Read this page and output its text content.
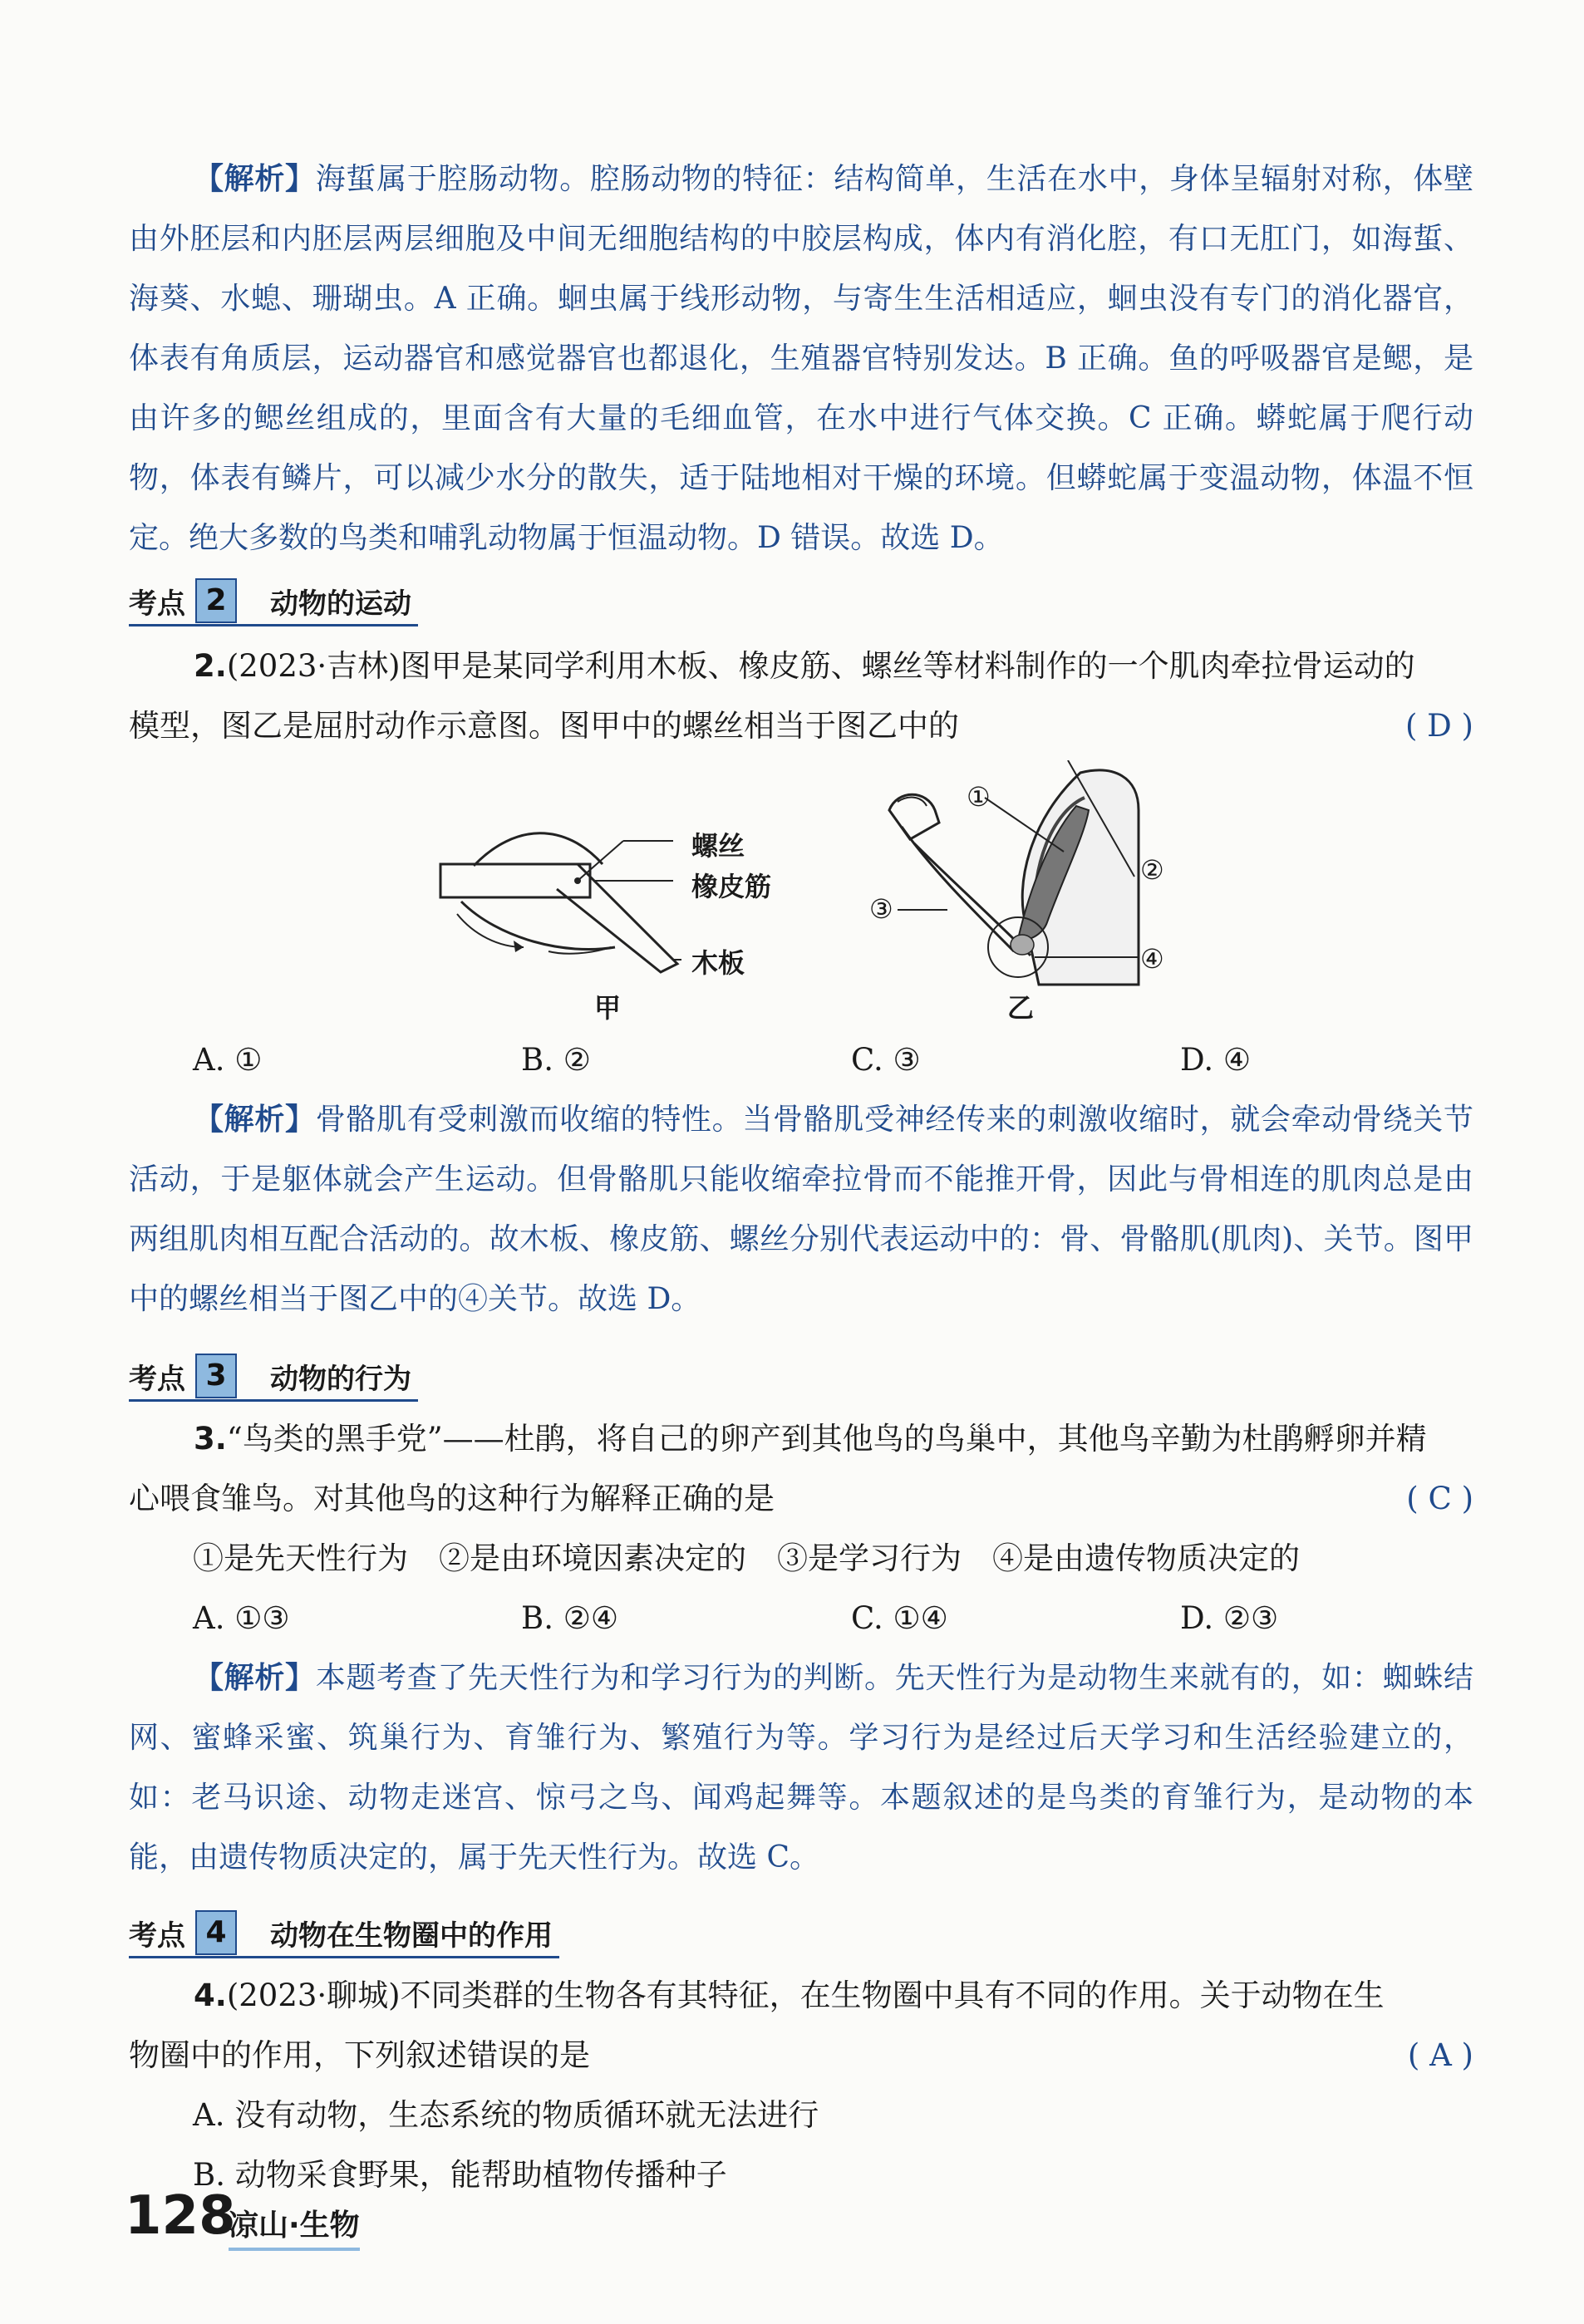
【解析】海蜇属于腔肠动物。腔肠动物的特征：结构简单，生活在水中，身体呈辐射对称，体壁由外胚层和内胚层两层细胞及中间无细胞结构的中胶层构成，体内有消化腔，有口无肛门，如海蜇、海葵、水螅、珊瑚虫。A 正确。蛔虫属于线形动物，与寄生生活相适应，蛔虫没有专门的消化器官，体表有角质层，运动器官和感觉器官也都退化，生殖器官特别发达。B 正确。鱼的呼吸器官是鳃，是由许多的鳃丝组成的，里面含有大量的毛细血管，在水中进行气体交换。C 正确。蟒蛇属于爬行动物，体表有鳞片，可以减少水分的散失，适于陆地相对干燥的环境。但蟒蛇属于变温动物，体温不恒定。绝大多数的鸟类和哺乳动物属于恒温动物。D 错误。故选 D。

考点 2	动物的运动

2.(2023·吉林)图甲是某同学利用木板、橡皮筋、螺丝等材料制作的一个肌肉牵拉骨运动的

模型，图乙是屈肘动作示意图。图甲中的螺丝相当于图乙中的	( D )

螺丝
橡皮筋
木板
甲
①
②
③
④
乙
A. ①	B. ②	C. ③	D. ④

【解析】骨骼肌有受刺激而收缩的特性。当骨骼肌受神经传来的刺激收缩时，就会牵动骨绕关节活动，于是躯体就会产生运动。但骨骼肌只能收缩牵拉骨而不能推开骨，因此与骨相连的肌肉总是由两组肌肉相互配合活动的。故木板、橡皮筋、螺丝分别代表运动中的：骨、骨骼肌(肌肉)、关节。图甲中的螺丝相当于图乙中的④关节。故选 D。

考点 3	动物的行为

3.“鸟类的黑手党”——杜鹃，将自己的卵产到其他鸟的鸟巢中，其他鸟辛勤为杜鹃孵卵并精

心喂食雏鸟。对其他鸟的这种行为解释正确的是	( C )

①是先天性行为　②是由环境因素决定的　③是学习行为　④是由遗传物质决定的

A. ①③	B. ②④	C. ①④	D. ②③

【解析】本题考查了先天性行为和学习行为的判断。先天性行为是动物生来就有的，如：蜘蛛结网、蜜蜂采蜜、筑巢行为、育雏行为、繁殖行为等。学习行为是经过后天学习和生活经验建立的，如：老马识途、动物走迷宫、惊弓之鸟、闻鸡起舞等。本题叙述的是鸟类的育雏行为，是动物的本能，由遗传物质决定的，属于先天性行为。故选 C。

考点 4	动物在生物圈中的作用

4.(2023·聊城)不同类群的生物各有其特征，在生物圈中具有不同的作用。关于动物在生

物圈中的作用，下列叙述错误的是	( A )

A. 没有动物，生态系统的物质循环就无法进行

B. 动物采食野果，能帮助植物传播种子

128
凉山·生物
